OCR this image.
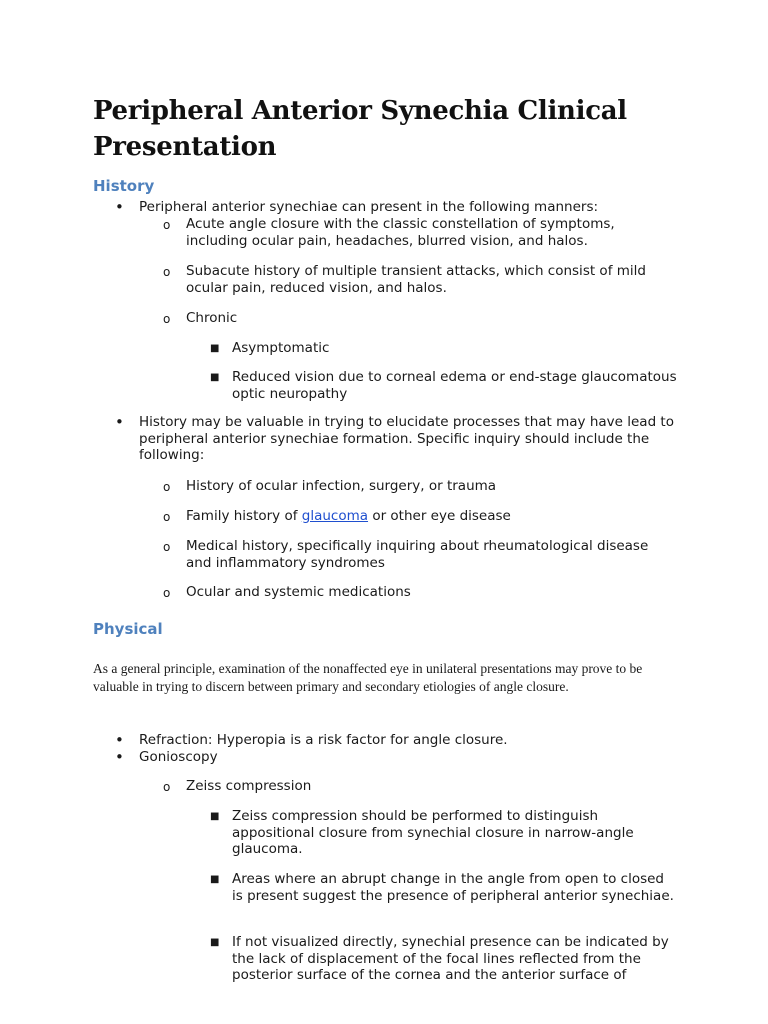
Peripheral Anterior Synechia Clinical Presentation
History
• Peripheral anterior synechiae can present in the following manners:

o Acute angle closure with the classic constellation of symptoms, including ocular pain, headaches, blurred vision, and halos.

o Subacute history of multiple transient attacks, which consist of mild ocular pain, reduced vision, and halos.

o Chronic

■ Asymptomatic

■ Reduced vision due to corneal edema or end-stage glaucomatous optic neuropathy

• History may be valuable in trying to elucidate processes that may have lead to peripheral anterior synechiae formation. Specific inquiry should include the following:

o History of ocular infection, surgery, or trauma

o Family history of glaucoma or other eye disease

o Medical history, specifically inquiring about rheumatological disease and inflammatory syndromes

o Ocular and systemic medications

Physical

As a general principle, examination of the nonaffected eye in unilateral presentations may prove to be valuable in trying to discern between primary and secondary etiologies of angle closure.

• Refraction: Hyperopia is a risk factor for angle closure.

• Gonioscopy

o Zeiss compression

■ Zeiss compression should be performed to distinguish appositional closure from synechial closure in narrow-angle glaucoma.

■ Areas where an abrupt change in the angle from open to closed is present suggest the presence of peripheral anterior synechiae.

■ If not visualized directly, synechial presence can be indicated by the lack of displacement of the focal lines reflected from the posterior surface of the cornea and the anterior surface of
